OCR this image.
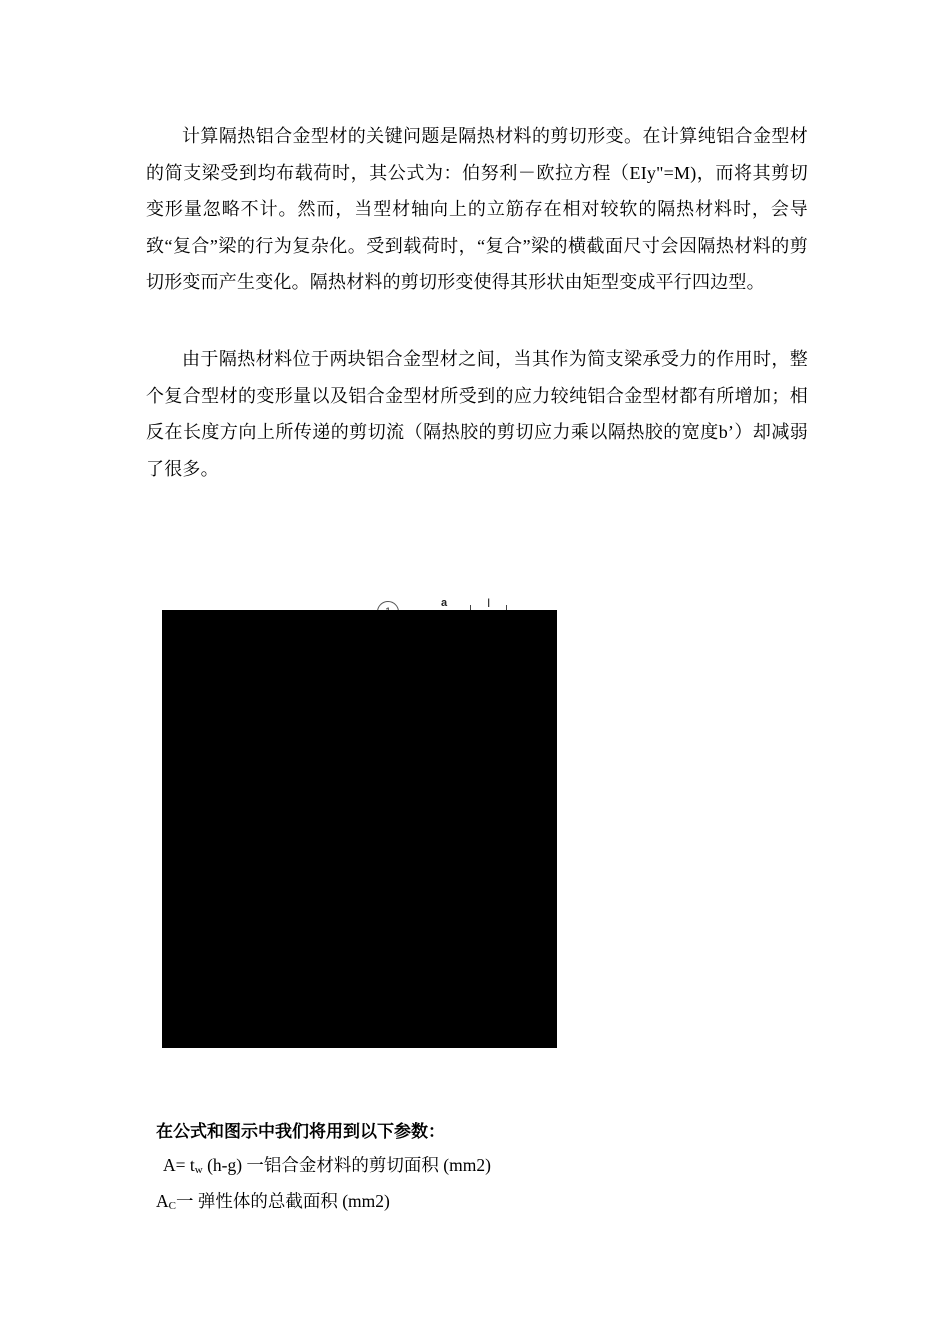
计算隔热铝合金型材的关键问题是隔热材料的剪切形变。在计算纯铝合金型材的简支梁受到均布载荷时，其公式为：伯努利－欧拉方程（EIy"=M)，而将其剪切变形量忽略不计。然而，当型材轴向上的立筋存在相对较软的隔热材料时，会导致“复合”梁的行为复杂化。受到载荷时，“复合”梁的横截面尺寸会因隔热材料的剪切形变而产生变化。隔热材料的剪切形变使得其形状由矩型变成平行四边型。

由于隔热材料位于两块铝合金型材之间，当其作为简支梁承受力的作用时，整个复合型材的变形量以及铝合金型材所受到的应力较纯铝合金型材都有所增加；相反在长度方向上所传递的剪切流（隔热胶的剪切应力乘以隔热胶的宽度b’）却减弱了很多。

a	I

在公式和图示中我们将用到以下参数：

A= tw (h-g) 一铝合金材料的剪切面积 (mm2)

AC一 弹性体的总截面积 (mm2)
